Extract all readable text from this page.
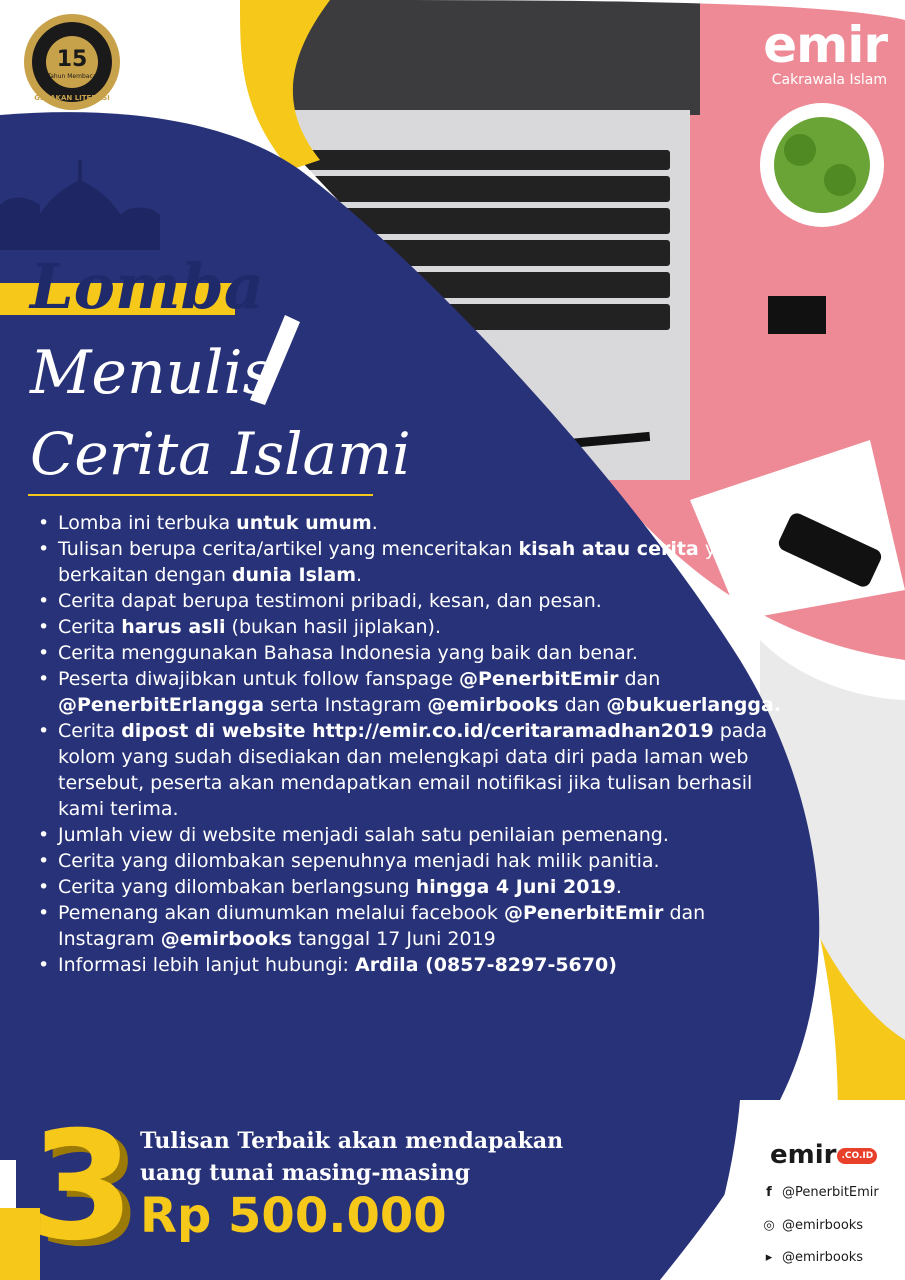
15
Tahun Membaca
GERAKAN LITERASI
emir
Cakrawala Islam
Lomba
Menulis
Cerita Islami
• Lomba ini terbuka untuk umum.
• Tulisan berupa cerita/artikel yang menceritakan kisah atau cerita yang berkaitan dengan dunia Islam.
• Cerita dapat berupa testimoni pribadi, kesan, dan pesan.
• Cerita harus asli (bukan hasil jiplakan).
• Cerita menggunakan Bahasa Indonesia yang baik dan benar.
• Peserta diwajibkan untuk follow fanspage @PenerbitEmir dan @PenerbitErlangga serta Instagram @emirbooks dan @bukuerlangga.
• Cerita dipost di website http://emir.co.id/ceritaramadhan2019 pada kolom yang sudah disediakan dan melengkapi data diri pada laman web tersebut, peserta akan mendapatkan email notifikasi jika tulisan berhasil kami terima.
• Jumlah view di website menjadi salah satu penilaian pemenang.
• Cerita yang dilombakan sepenuhnya menjadi hak milik panitia.
• Cerita yang dilombakan berlangsung hingga 4 Juni 2019.
• Pemenang akan diumumkan melalui facebook @PenerbitEmir dan Instagram @emirbooks tanggal 17 Juni 2019
• Informasi lebih lanjut hubungi: Ardila (0857-8297-5670)
3 Tulisan Terbaik akan mendapakan
uang tunai masing-masing
Rp 500.000
emir .CO.ID
f @PenerbitEmir
◎ @emirbooks
▸ @emirbooks
